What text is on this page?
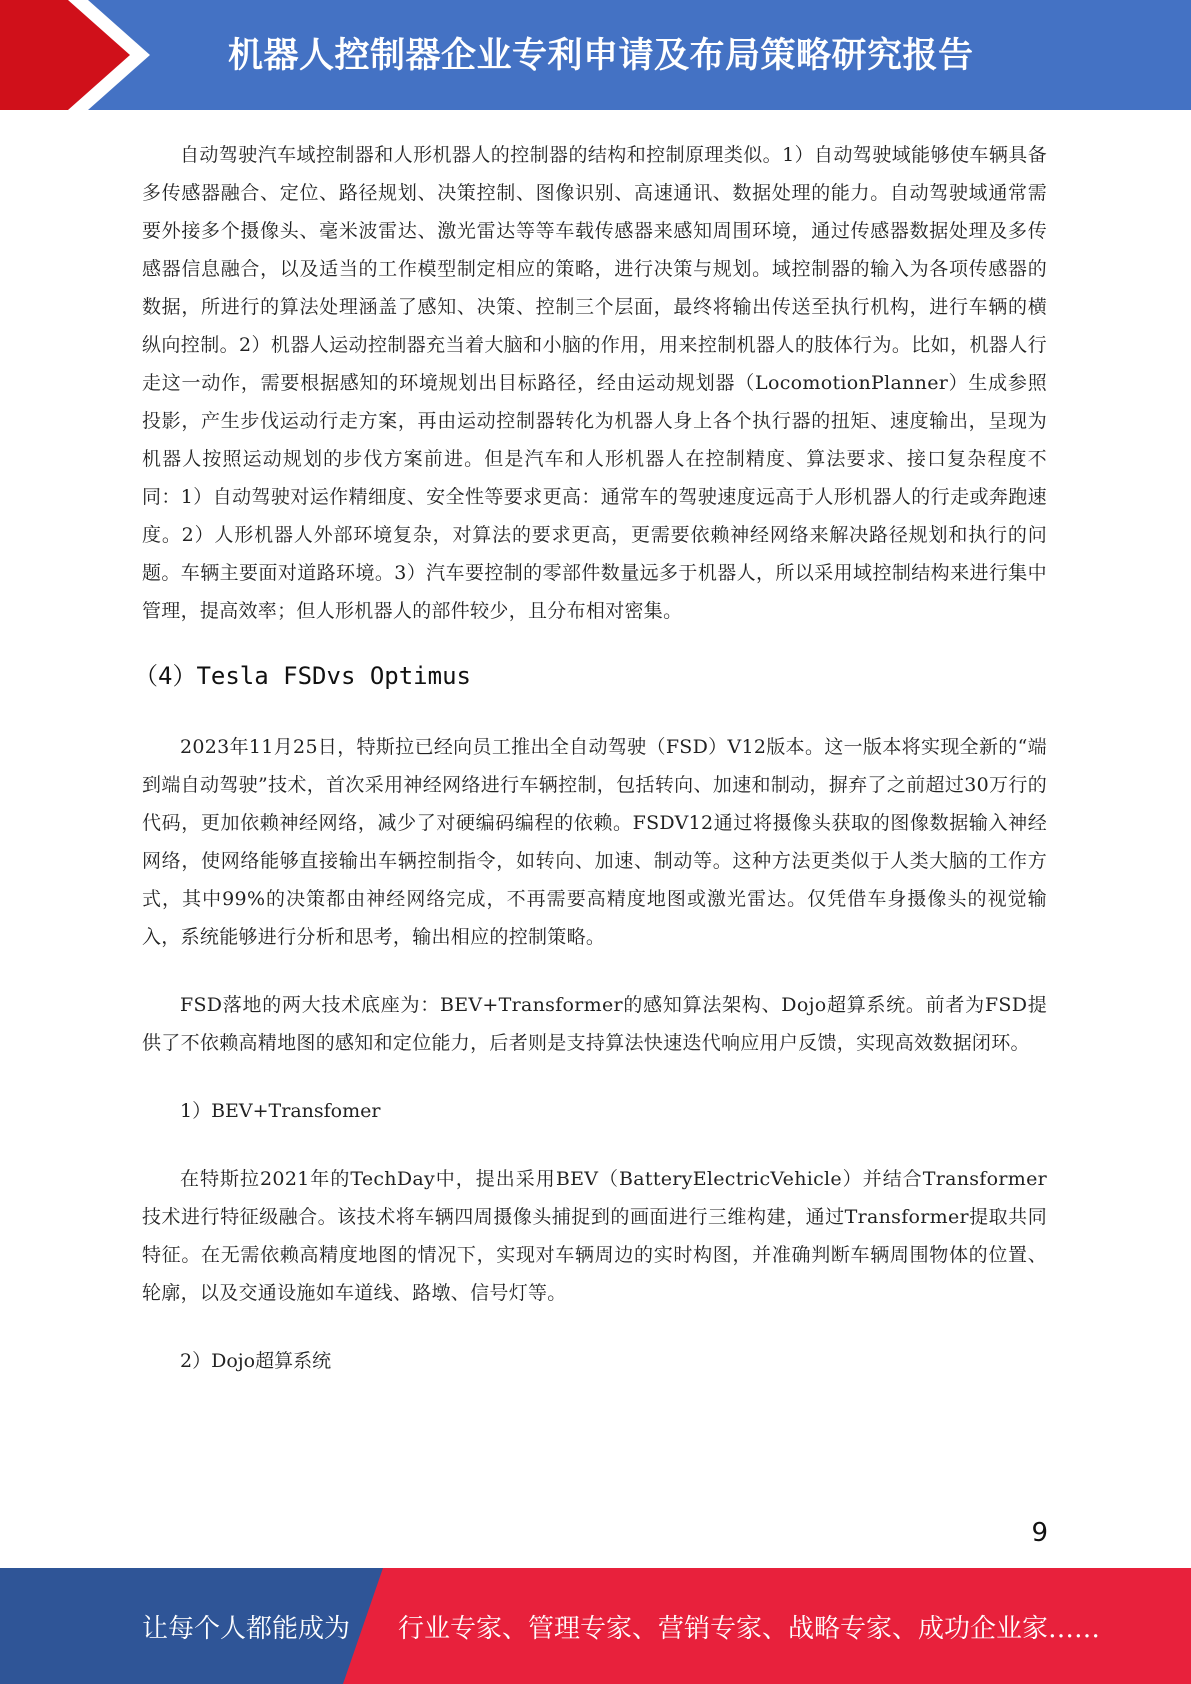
机器人控制器企业专利申请及布局策略研究报告

自动驾驶汽车域控制器和人形机器人的控制器的结构和控制原理类似。1）自动驾驶域能够使车辆具备多传感器融合、定位、路径规划、决策控制、图像识别、高速通讯、数据处理的能力。自动驾驶域通常需要外接多个摄像头、毫米波雷达、激光雷达等等车载传感器来感知周围环境，通过传感器数据处理及多传感器信息融合，以及适当的工作模型制定相应的策略，进行决策与规划。域控制器的输入为各项传感器的数据，所进行的算法处理涵盖了感知、决策、控制三个层面，最终将输出传送至执行机构，进行车辆的横纵向控制。2）机器人运动控制器充当着大脑和小脑的作用，用来控制机器人的肢体行为。比如，机器人行走这一动作，需要根据感知的环境规划出目标路径，经由运动规划器（LocomotionPlanner）生成参照投影，产生步伐运动行走方案，再由运动控制器转化为机器人身上各个执行器的扭矩、速度输出，呈现为机器人按照运动规划的步伐方案前进。但是汽车和人形机器人在控制精度、算法要求、接口复杂程度不同：1）自动驾驶对运作精细度、安全性等要求更高：通常车的驾驶速度远高于人形机器人的行走或奔跑速度。2）人形机器人外部环境复杂，对算法的要求更高，更需要依赖神经网络来解决路径规划和执行的问题。车辆主要面对道路环境。3）汽车要控制的零部件数量远多于机器人，所以采用域控制结构来进行集中管理，提高效率；但人形机器人的部件较少，且分布相对密集。

（4）Tesla FSDvs Optimus

2023年11月25日，特斯拉已经向员工推出全自动驾驶（FSD）V12版本。这一版本将实现全新的“端到端自动驾驶”技术，首次采用神经网络进行车辆控制，包括转向、加速和制动，摒弃了之前超过30万行的代码，更加依赖神经网络，减少了对硬编码编程的依赖。FSDV12通过将摄像头获取的图像数据输入神经网络，使网络能够直接输出车辆控制指令，如转向、加速、制动等。这种方法更类似于人类大脑的工作方式，其中99%的决策都由神经网络完成，不再需要高精度地图或激光雷达。仅凭借车身摄像头的视觉输入，系统能够进行分析和思考，输出相应的控制策略。

FSD落地的两大技术底座为：BEV+Transformer的感知算法架构、Dojo超算系统。前者为FSD提供了不依赖高精地图的感知和定位能力，后者则是支持算法快速迭代响应用户反馈，实现高效数据闭环。

1）BEV+Transfomer

在特斯拉2021年的TechDay中，提出采用BEV（BatteryElectricVehicle）并结合Transformer技术进行特征级融合。该技术将车辆四周摄像头捕捉到的画面进行三维构建，通过Transformer提取共同特征。在无需依赖高精度地图的情况下，实现对车辆周边的实时构图，并准确判断车辆周围物体的位置、轮廓，以及交通设施如车道线、路墩、信号灯等。

2）Dojo超算系统

9
让每个人都能成为 行业专家、管理专家、营销专家、战略专家、成功企业家……
